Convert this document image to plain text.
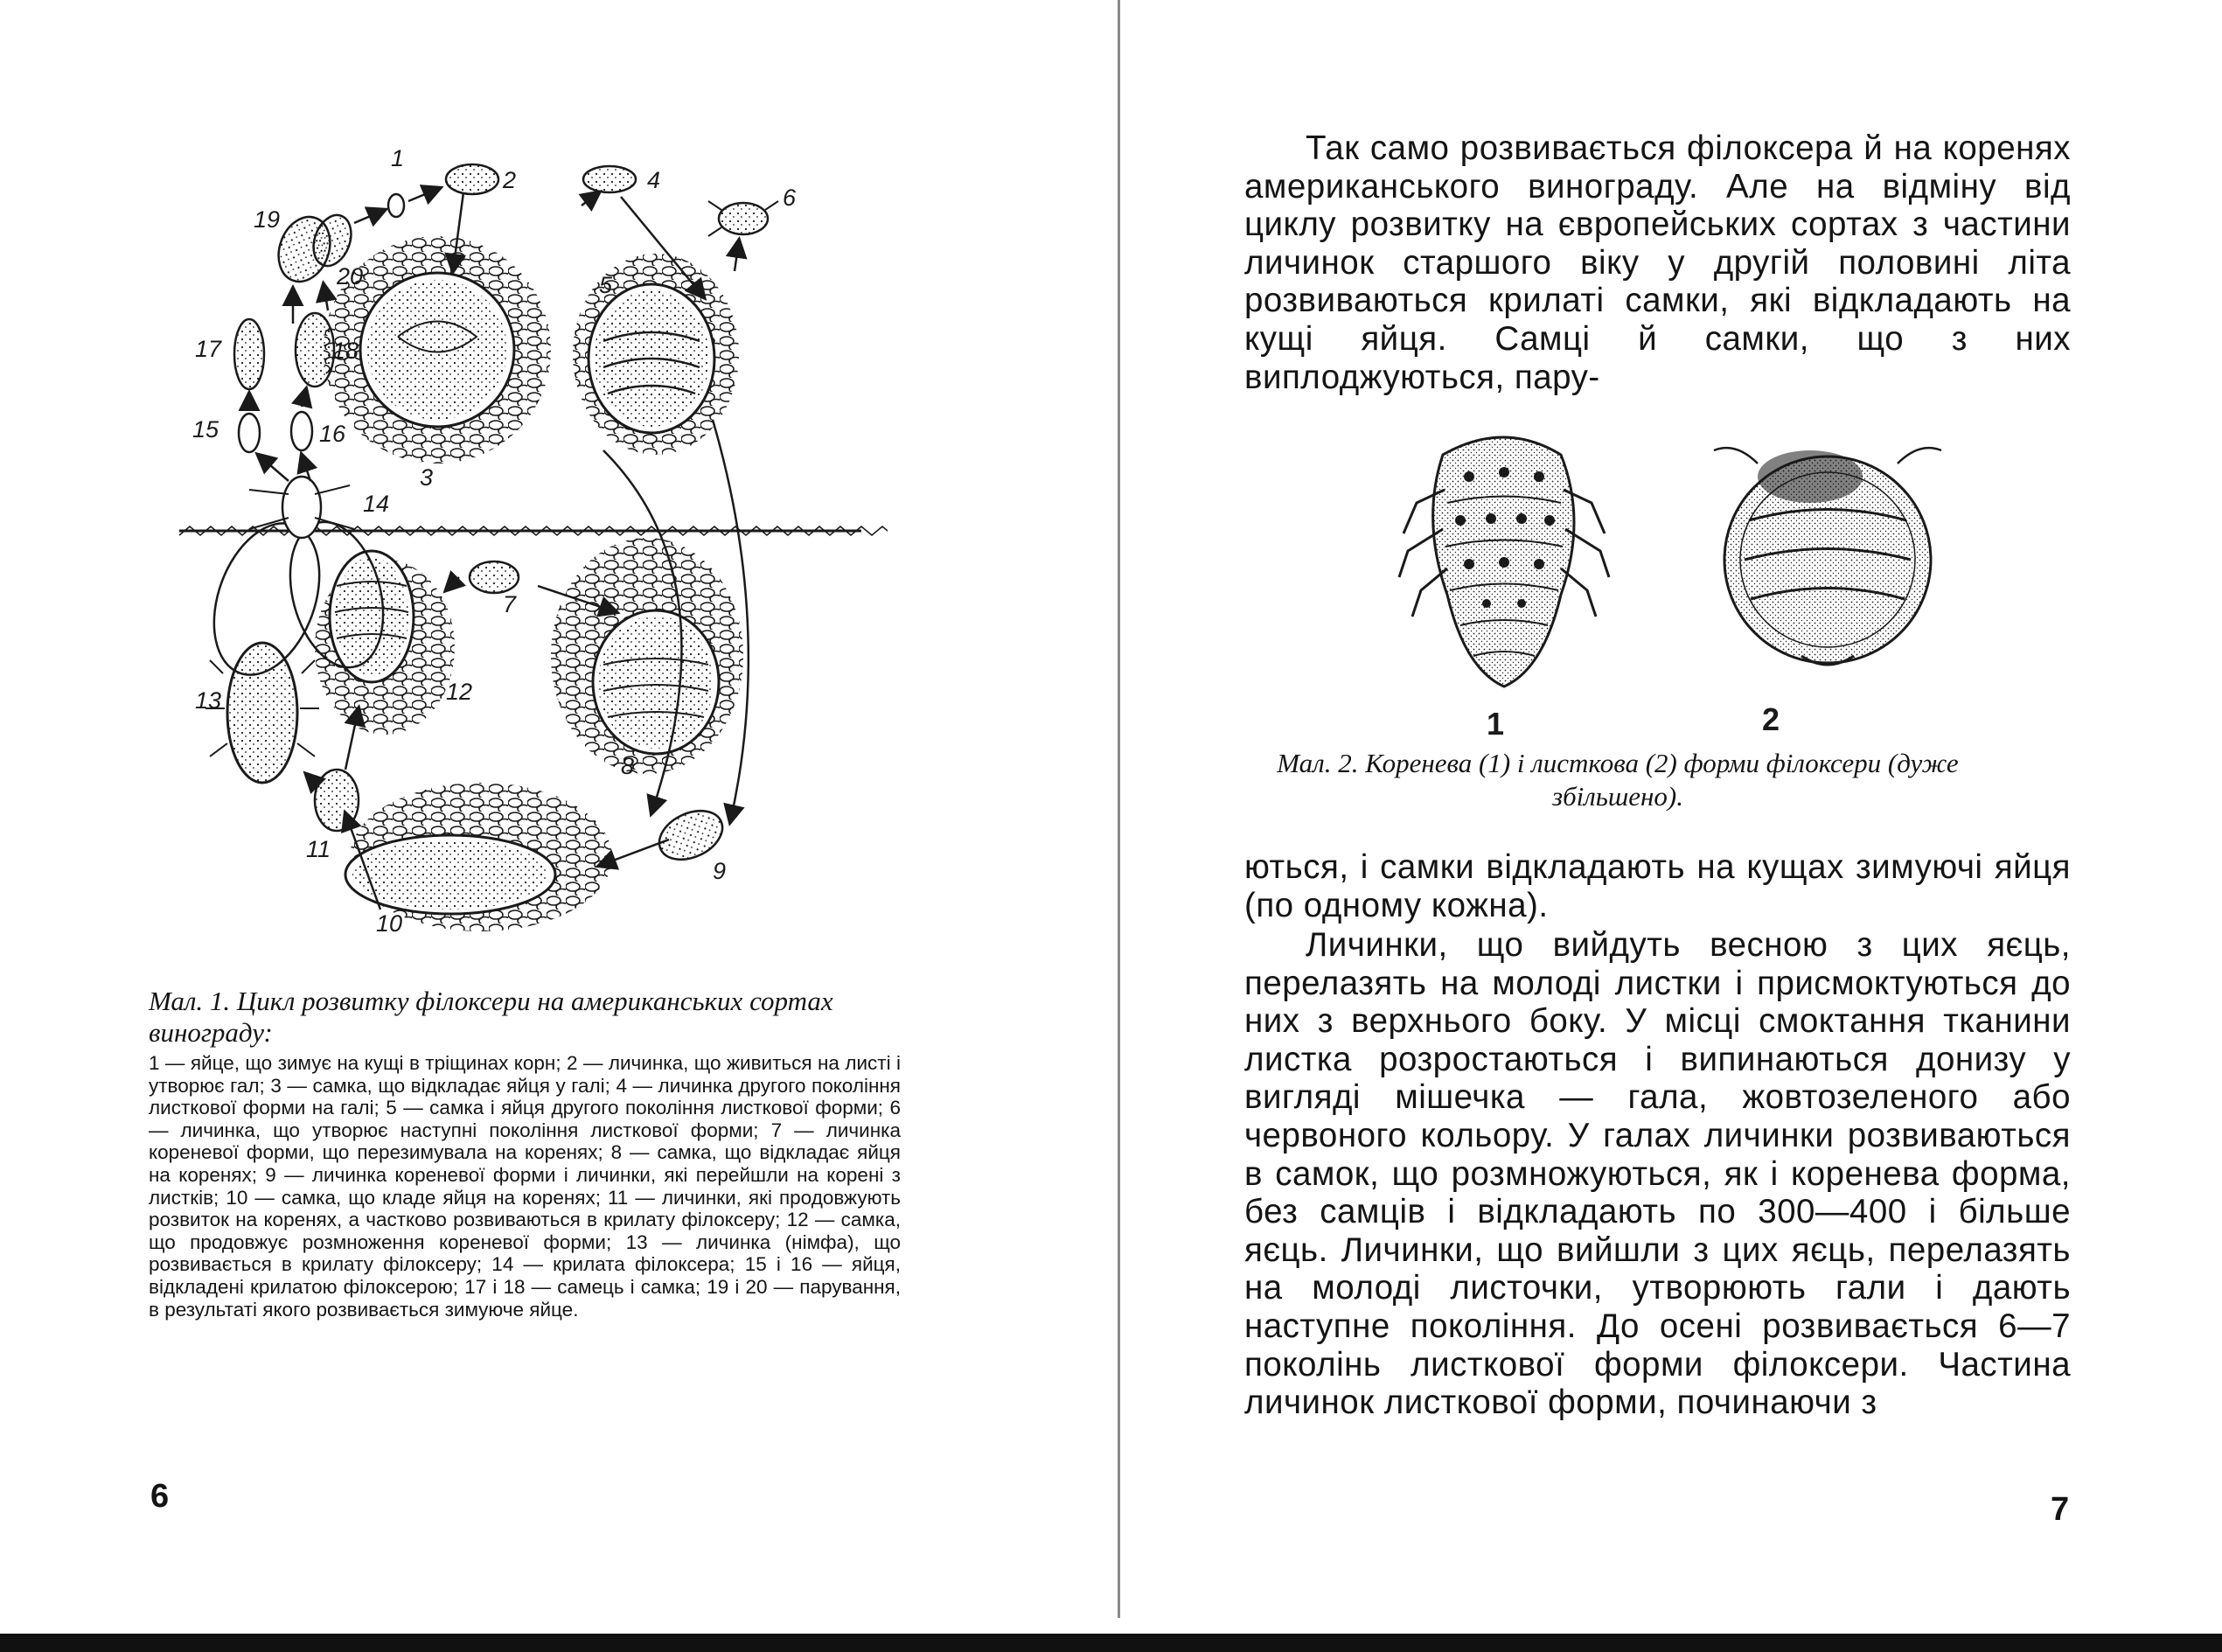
1
2
3
4
5
6
7
8
9
10
11
12
13
14
15	16
17	18
19
20
Мал. 1. Цикл розвитку філоксери на американських сортах винограду:
1 — яйце, що зимує на кущі в тріщинах корн; 2 — личинка, що живиться на листі і утворює гал; 3 — самка, що відкладає яйця у галі; 4 — личинка другого покоління листкової форми на галі; 5 — самка і яйця другого покоління листкової форми; 6 — личинка, що утворює наступні покоління листкової форми; 7 — личинка кореневої форми, що перезимувала на коренях; 8 — самка, що відкладає яйця на коренях; 9 — личинка кореневої форми і личинки, які перейшли на корені з листків; 10 — самка, що кладе яйця на коренях; 11 — личинки, які продовжують розвиток на коренях, а частково розвиваються в крилату філоксеру; 12 — самка, що продовжує розмноження кореневої форми; 13 — личинка (німфа), що розвивається в крилату філоксеру; 14 — крилата філоксера; 15 і 16 — яйця, відкладені крилатою філоксерою; 17 і 18 — самець і самка; 19 і 20 — парування, в результаті якого розвивається зимуюче яйце.
6

Так само розвивається філоксера й на коренях американського винограду. Але на відміну від циклу розвитку на європейських сортах з частини личинок старшого віку у другій половині літа розвиваються крилаті самки, які відкладають на кущі яйця. Самці й самки, що з них виплоджуються, пару-

1	2
Мал. 2. Коренева (1) і листкова (2) форми філоксери (дуже збільшено).

ються, і самки відкладають на кущах зимуючі яйця (по одному кожна).

Личинки, що вийдуть весною з цих яєць, перелазять на молоді листки і присмоктуються до них з верхнього боку. У місці смоктання тканини листка розростаються і випинаються донизу у вигляді мішечка — гала, жовтозеленого або червоного кольору. У галах личинки розвиваються в самок, що розмножуються, як і коренева форма, без самців і відкладають по 300—400 і більше яєць. Личинки, що вийшли з цих яєць, перелазять на молоді листочки, утворюють гали і дають наступне покоління. До осені розвивається 6—7 поколінь листкової форми філоксери. Частина личинок листкової форми, починаючи з

7
